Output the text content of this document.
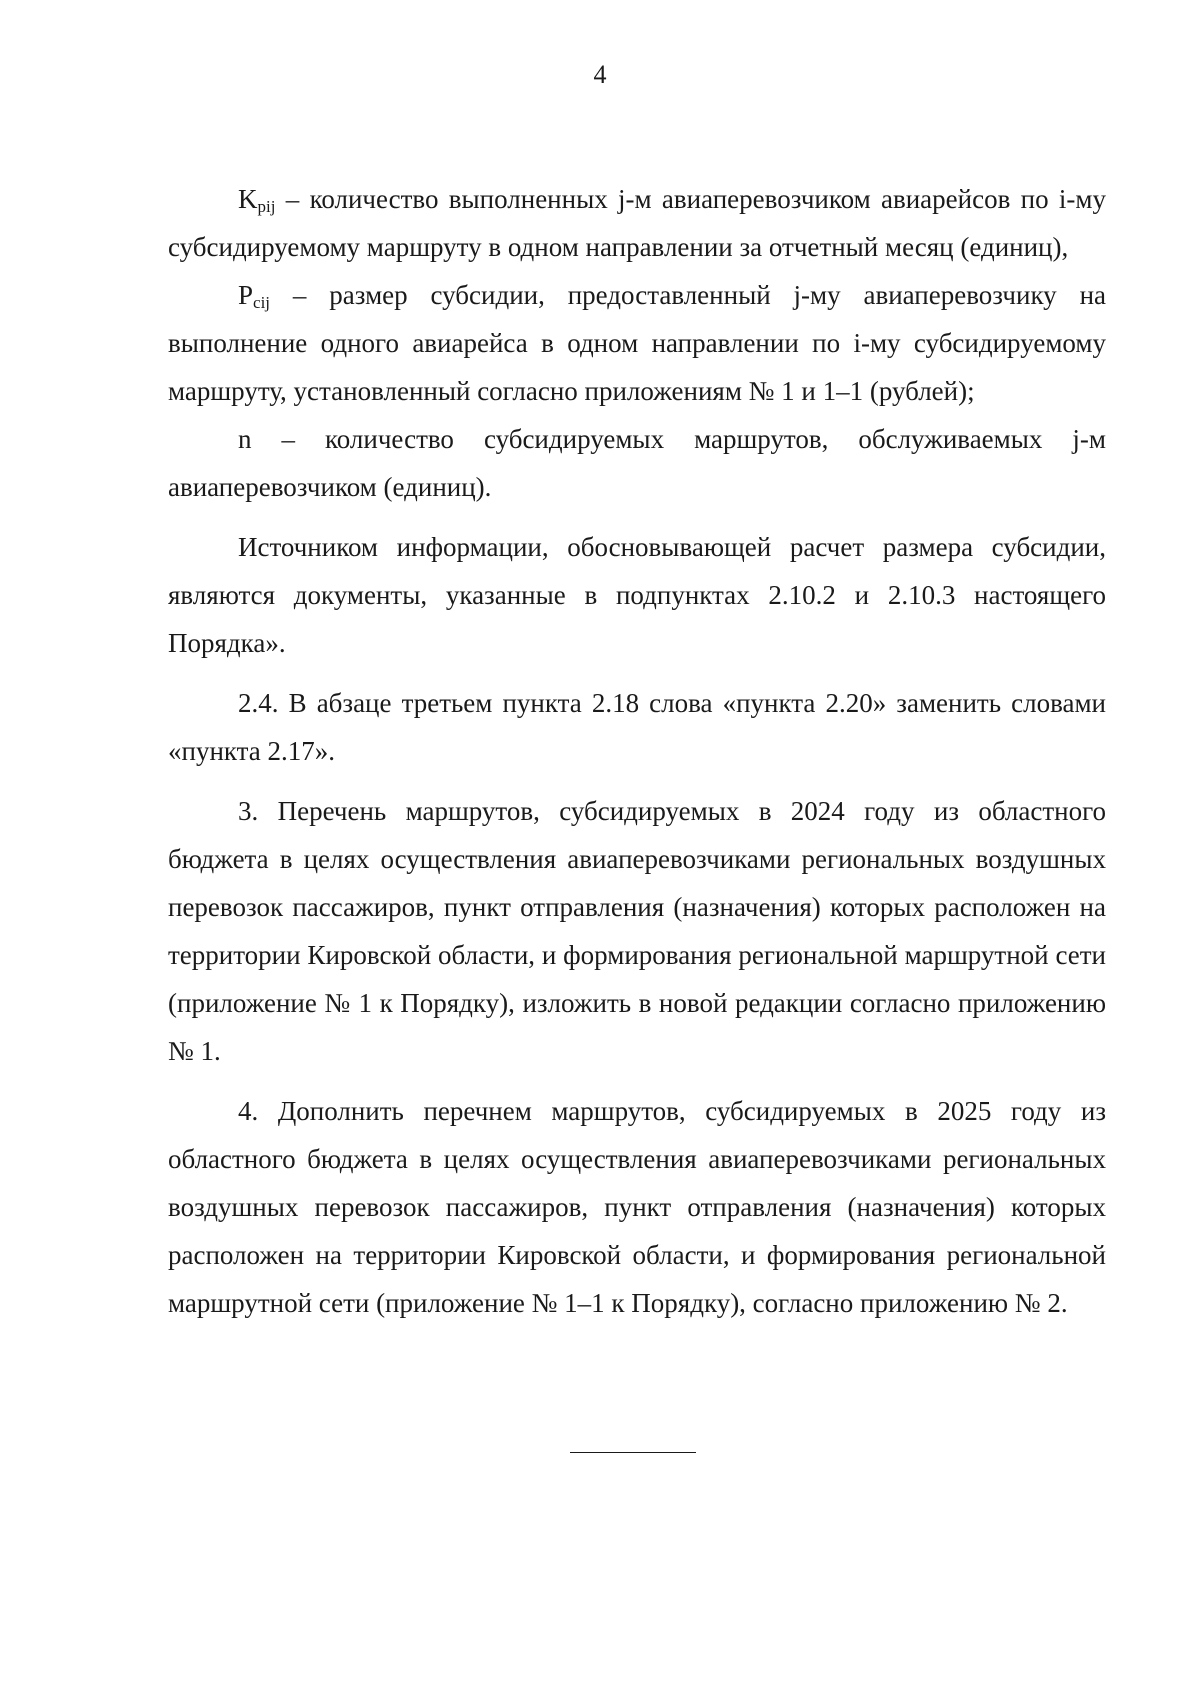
4

$K_{pij}$ – количество выполненных j-м авиаперевозчиком авиарейсов по i-му субсидируемому маршруту в одном направлении за отчетный месяц (единиц),

$P_{cij}$ – размер субсидии, предоставленный j-му авиаперевозчику на выполнение одного авиарейса в одном направлении по i-му субсидируемому маршруту, установленный согласно приложениям № 1 и 1–1 (рублей);

n – количество субсидируемых маршрутов, обслуживаемых j-м авиаперевозчиком (единиц).

Источником информации, обосновывающей расчет размера субсидии, являются документы, указанные в подпунктах 2.10.2 и 2.10.3 настоящего Порядка».

2.4. В абзаце третьем пункта 2.18 слова «пункта 2.20» заменить словами «пункта 2.17».

3. Перечень маршрутов, субсидируемых в 2024 году из областного бюджета в целях осуществления авиаперевозчиками региональных воздушных перевозок пассажиров, пункт отправления (назначения) которых расположен на территории Кировской области, и формирования региональной маршрутной сети (приложение № 1 к Порядку), изложить в новой редакции согласно приложению № 1.

4. Дополнить перечнем маршрутов, субсидируемых в 2025 году из областного бюджета в целях осуществления авиаперевозчиками региональных воздушных перевозок пассажиров, пункт отправления (назначения) которых расположен на территории Кировской области, и формирования региональной маршрутной сети (приложение № 1–1 к Порядку), согласно приложению № 2.
